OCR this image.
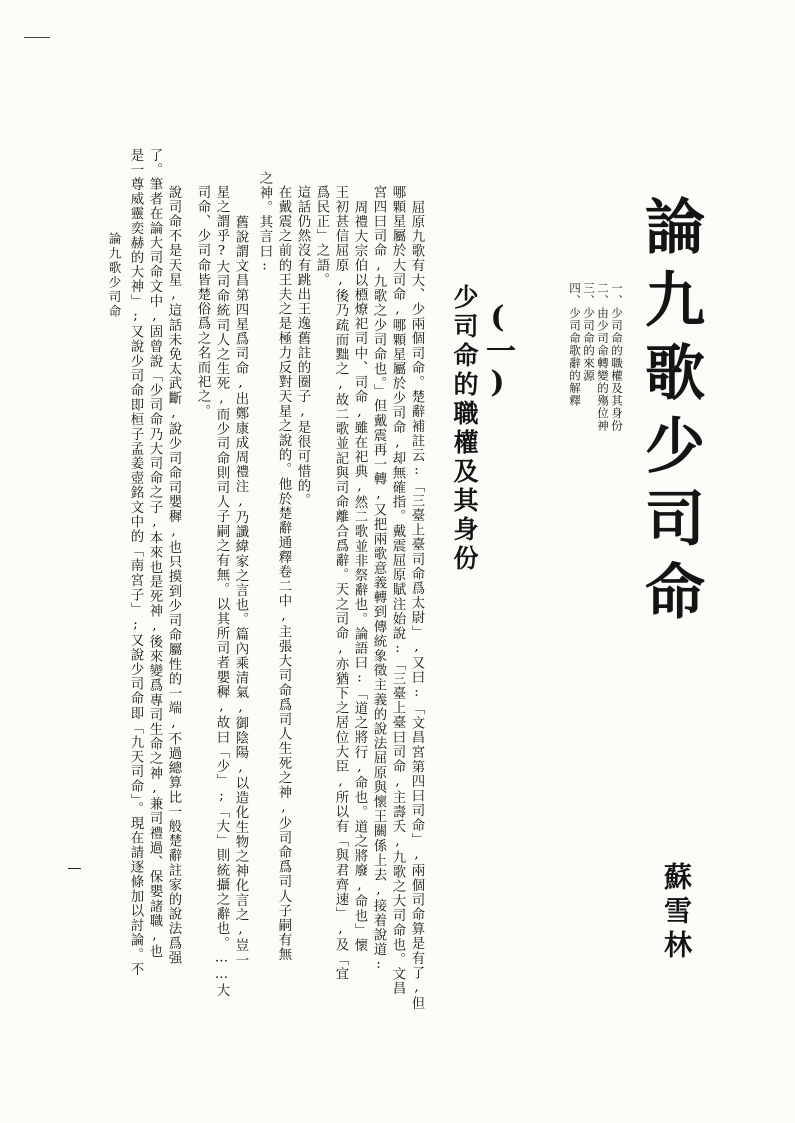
論九歌少司命
蘇雪林
一、少司命的職權及其身份
二、由少司命轉變的殤位神
三、少司命的來源
四、少司命歌辭的解釋
(一)
少司命的職權及其身份
屈原九歌有大、少兩個司命。楚辭補註云:「三臺上臺司命爲太尉」,又曰:「文昌宮第四曰司命」,兩個司命算是有了,但
哪顆星屬於大司命,哪顆星屬於少司命,却無確指。戴震屈原賦注始說:「三臺上臺曰司命,主壽夭,九歌之大司命也。文昌
宮四曰司命,九歌之少司命也。」但戴震再一轉,又把兩歌意義轉到傳統象徵主義的說法屈原與懷王關係上去,接着說道:
周禮大宗伯以槱燎祀司中、司命,雖在祀典,然二歌並非祭辭也。論語曰:「道之將行,命也。道之將廢,命也」懷
王初甚信屈原,後乃疏而黜之,故二歌並記與司命離合爲辭。天之司命,亦猶下之居位大臣,所以有「與君齊速」,及「宜
爲民正」之語。
這話仍然沒有跳出王逸舊註的圈子,是很可惜的。
在戴震之前的王夫之是極力反對天星之說的。他於楚辭通釋卷二中,主張大司命爲司人生死之神,少司命爲司人子嗣有無
之神。其言曰:
舊說謂文昌第四星爲司命,出鄭康成周禮注,乃讖緯家之言也。篇內乘清氣,御陰陽,以造化生物之神化言之,豈一
星之謂乎?大司命統司人之生死,而少司命則司人子嗣之有無。以其所司者嬰穉,故曰「少」;「大」則統攝之辭也。……大
司命、少司命皆楚俗爲之名而祀之。
說司命不是天星,這話未免太武斷,說少司命司嬰穉,也只摸到少司命屬性的一端,不過總算比一般楚辭註家的說法爲强
了。筆者在論大司命文中,固曾說「少司命乃大司命之子,本來也是死神,後來變爲專司生命之神,兼司禮過、保嬰諸職,也
是一尊威靈奕赫的大神」;又說少司命即桓子孟姜壺銘文中的「南宮子」;又說少司命即「九天司命」。現在請逐條加以討論。不
論九歌少司命
